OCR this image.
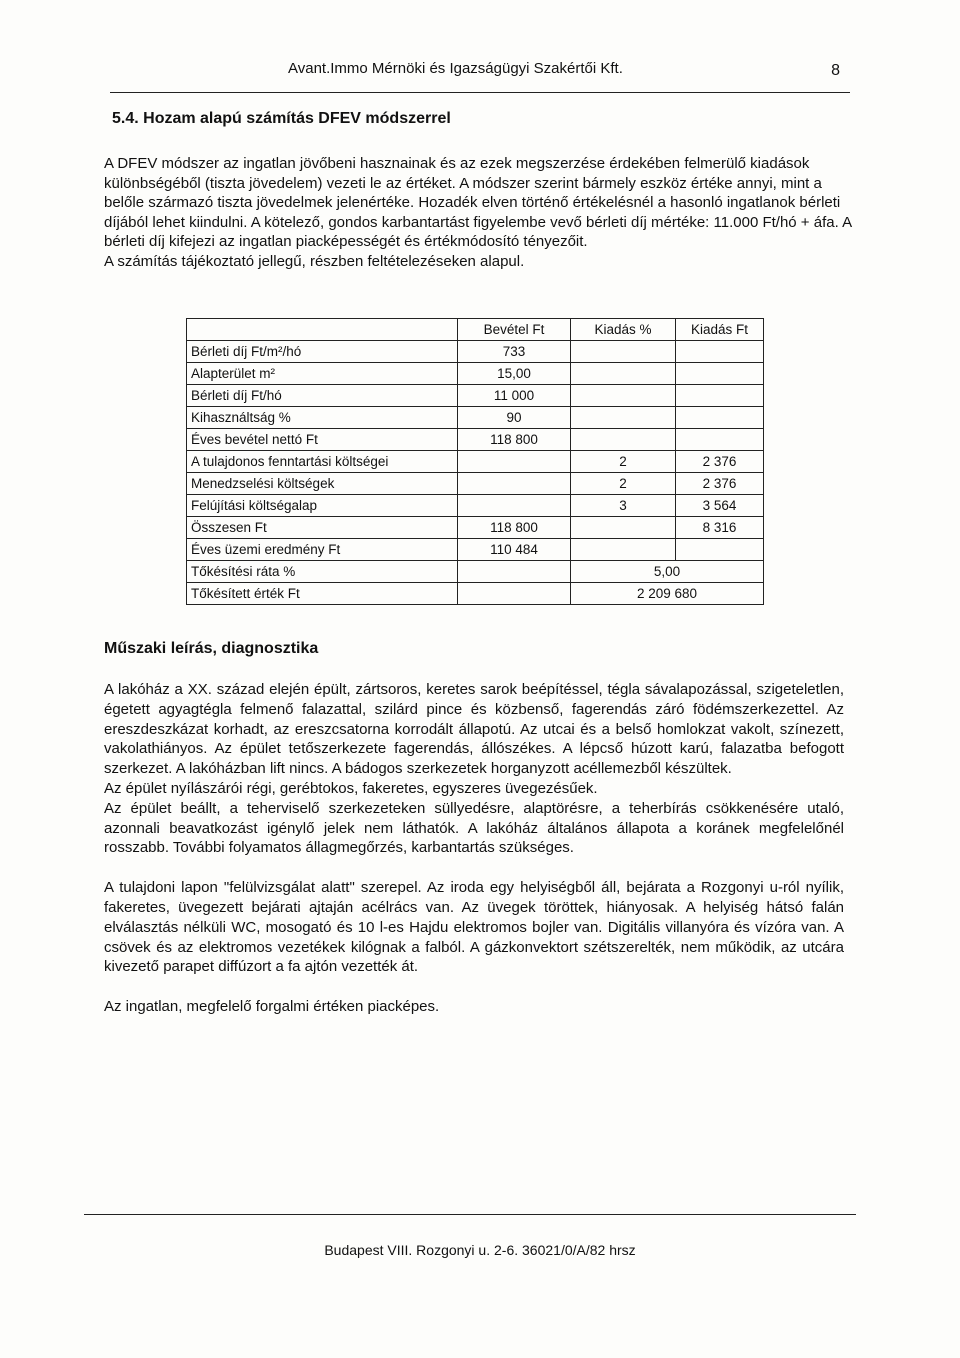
Avant.Immo Mérnöki és Igazságügyi Szakértői Kft.	8
5.4. Hozam alapú számítás DFEV módszerrel

A DFEV módszer az ingatlan jövőbeni hasznainak és az ezek megszerzése érdekében felmerülő kiadások különbségéből (tiszta jövedelem) vezeti le az értéket. A módszer szerint bármely eszköz értéke annyi, mint a belőle származó tiszta jövedelmek jelenértéke. Hozadék elven történő értékelésnél a hasonló ingatlanok bérleti díjából lehet kiindulni. A kötelező, gondos karbantartást figyelembe vevő bérleti díj mértéke: 11.000 Ft/hó + áfa. A bérleti díj kifejezi az ingatlan piacképességét és értékmódosító tényezőit.

A számítás tájékoztató jellegű, részben feltételezéseken alapul.

	Bevétel Ft	Kiadás %	Kiadás Ft
Bérleti díj Ft/m²/hó	733		
Alapterület m²	15,00		
Bérleti díj Ft/hó	11 000		
Kihasználtság %	90		
Éves bevétel nettó Ft	118 800		
A tulajdonos fenntartási költségei		2	2 376
Menedzselési költségek		2	2 376
Felújítási költségalap		3	3 564
Összesen Ft	118 800		8 316
Éves üzemi eredmény Ft	110 484		
Tőkésítési ráta %		5,00	
Tőkésített érték Ft		2 209 680	
Műszaki leírás, diagnosztika

A lakóház a XX. század elején épült, zártsoros, keretes sarok beépítéssel, tégla sávalapozással, szigeteletlen, égetett agyagtégla felmenő falazattal, szilárd pince és közbenső, fagerendás záró födémszerkezettel. Az ereszdeszkázat korhadt, az ereszcsatorna korrodált állapotú. Az utcai és a belső homlokzat vakolt, színezett, vakolathiányos. Az épület tetőszerkezete fagerendás, állószékes. A lépcső húzott karú, falazatba befogott szerkezet. A lakóházban lift nincs. A bádogos szerkezetek horganyzott acéllemezből készültek.

Az épület nyílászárói régi, gerébtokos, fakeretes, egyszeres üvegezésűek.

Az épület beállt, a teherviselő szerkezeteken süllyedésre, alaptörésre, a teherbírás csökkenésére utaló, azonnali beavatkozást igénylő jelek nem láthatók. A lakóház általános állapota a koránek megfelelőnél rosszabb. További folyamatos állagmegőrzés, karbantartás szükséges.

A tulajdoni lapon "felülvizsgálat alatt" szerepel. Az iroda egy helyiségből áll, bejárata a Rozgonyi u-ról nyílik, fakeretes, üvegezett bejárati ajtaján acélrács van. Az üvegek töröttek, hiányosak. A helyiség hátsó falán elválasztás nélküli WC, mosogató és 10 l-es Hajdu elektromos bojler van. Digitális villanyóra és vízóra van. A csövek és az elektromos vezetékek kilógnak a falból. A gázkonvektort szétszerelték, nem működik, az utcára kivezető parapet diffúzort a fa ajtón vezették át.

Az ingatlan, megfelelő forgalmi értéken piacképes.

Budapest VIII. Rozgonyi u. 2-6. 36021/0/A/82 hrsz
